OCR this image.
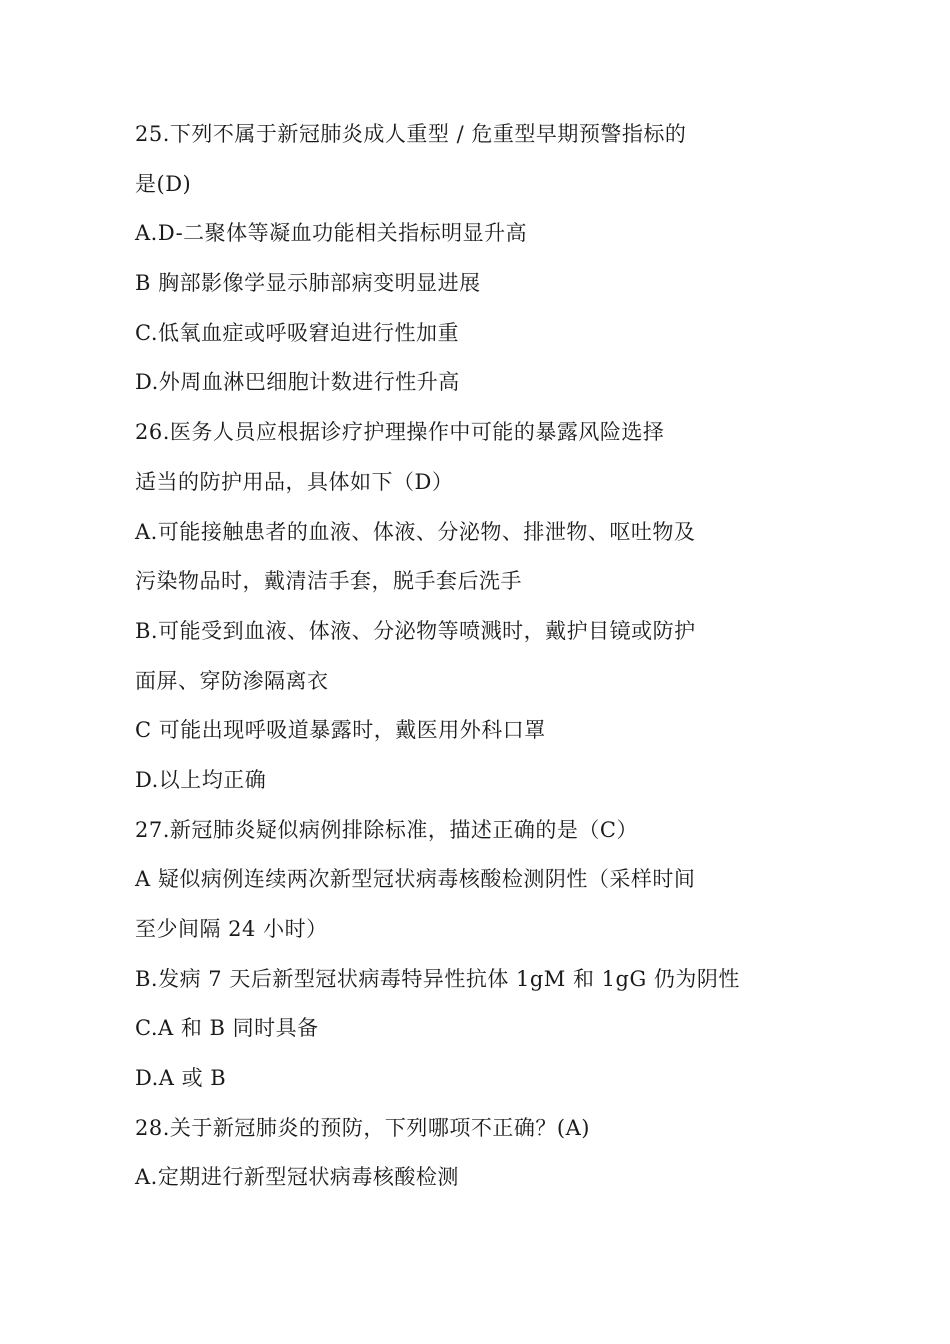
25.下列不属于新冠肺炎成人重型 / 危重型早期预警指标的
是(D)
A.D-二聚体等凝血功能相关指标明显升高
B 胸部影像学显示肺部病变明显进展
C.低氧血症或呼吸窘迫进行性加重
D.外周血淋巴细胞计数进行性升高
26.医务人员应根据诊疗护理操作中可能的暴露风险选择
适当的防护用品，具体如下（D）
A.可能接触患者的血液、体液、分泌物、排泄物、呕吐物及
污染物品时，戴清洁手套，脱手套后洗手
B.可能受到血液、体液、分泌物等喷溅时，戴护目镜或防护
面屏、穿防渗隔离衣
C 可能出现呼吸道暴露时，戴医用外科口罩
D.以上均正确
27.新冠肺炎疑似病例排除标准，描述正确的是（C）
A 疑似病例连续两次新型冠状病毒核酸检测阴性（采样时间
至少间隔 24 小时）
B.发病 7 天后新型冠状病毒特异性抗体 1gM 和 1gG 仍为阴性
C.A 和 B 同时具备
D.A 或 B
28.关于新冠肺炎的预防，下列哪项不正确？(A)
A.定期进行新型冠状病毒核酸检测
